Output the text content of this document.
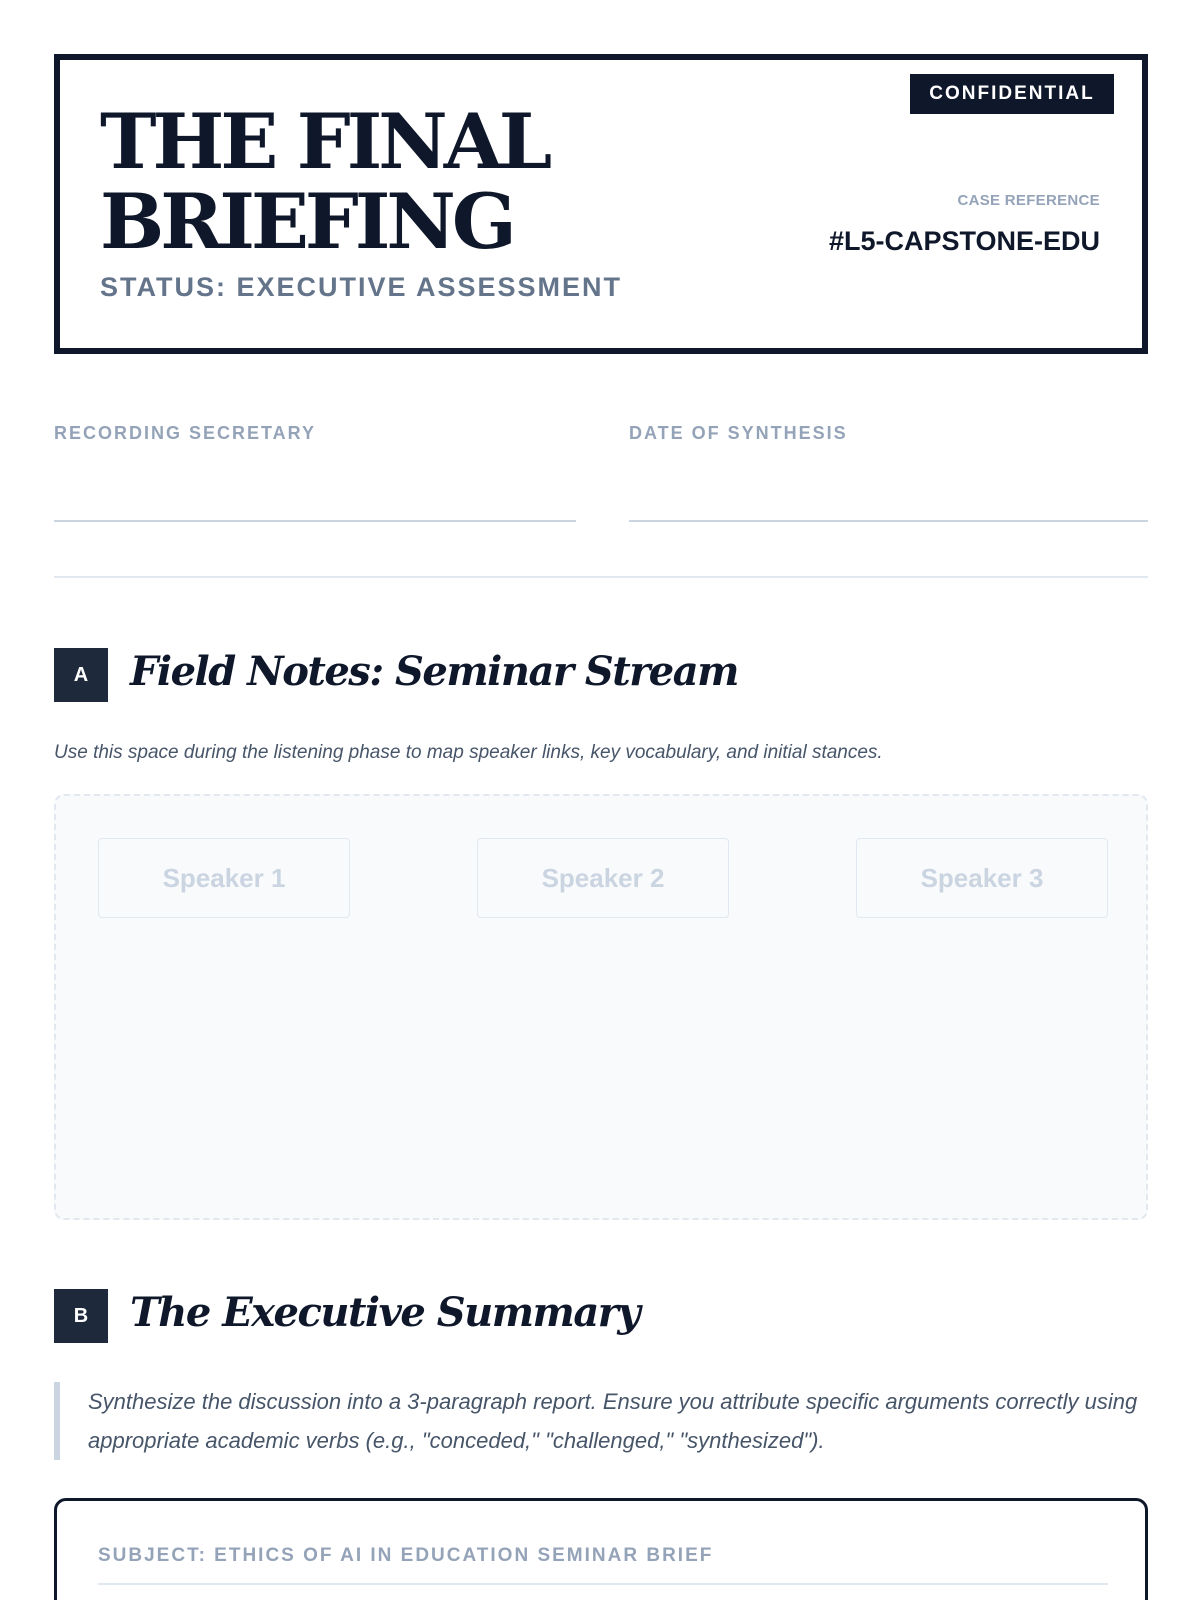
THE FINAL
BRIEFING
STATUS: EXECUTIVE ASSESSMENT
CONFIDENTIAL
CASE REFERENCE
#L5-CAPSTONE-EDU
RECORDING SECRETARY	DATE OF SYNTHESIS
A	Field Notes: Seminar Stream
Use this space during the listening phase to map speaker links, key vocabulary, and initial stances.
Speaker 1	Speaker 2	Speaker 3
B	The Executive Summary
Synthesize the discussion into a 3-paragraph report. Ensure you attribute specific arguments correctly using appropriate academic verbs (e.g., "conceded," "challenged," "synthesized").
SUBJECT: ETHICS OF AI IN EDUCATION SEMINAR BRIEF
